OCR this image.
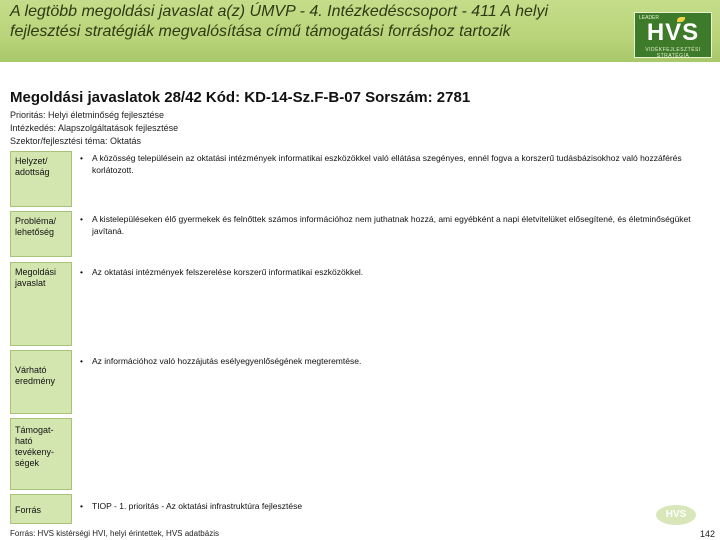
A legtöbb megoldási javaslat a(z) ÚMVP - 4. Intézkedéscsoport - 411 A helyi fejlesztési stratégiák megvalósítása című támogatási forráshoz tartozik
LEADER
HVS
VIDÉKFEJLESZTÉSI STRATÉGIA
Megoldási javaslatok 28/42 Kód: KD-14-Sz.F-B-07 Sorszám: 2781
Prioritás: Helyi életminőség fejlesztése
Intézkedés: Alapszolgáltatások fejlesztése
Szektor/fejlesztési téma: Oktatás
Helyzet/ adottság
• A közösség településein az oktatási intézmények informatikai eszközökkel való ellátása szegényes, ennél fogva a korszerű tudásbázisokhoz való hozzáférés korlátozott.
Probléma/ lehetőség
• A kistelepüléseken élő gyermekek és felnőttek számos információhoz nem juthatnak hozzá, ami egyébként a napi életvitelüket elősegítené, és életminőségüket javítaná.
Megoldási javaslat
• Az oktatási intézmények felszerelése korszerű informatikai eszközökkel.
Várható eredmény
• Az információhoz való hozzájutás esélyegyenlőségének megteremtése.
Támogat-ható tevékeny-ségek
Forrás	• TIOP - 1. prioritás - Az oktatási infrastruktúra fejlesztése
Forrás: HVS kistérségi HVI, helyi érintettek, HVS adatbázis
HVS
142
